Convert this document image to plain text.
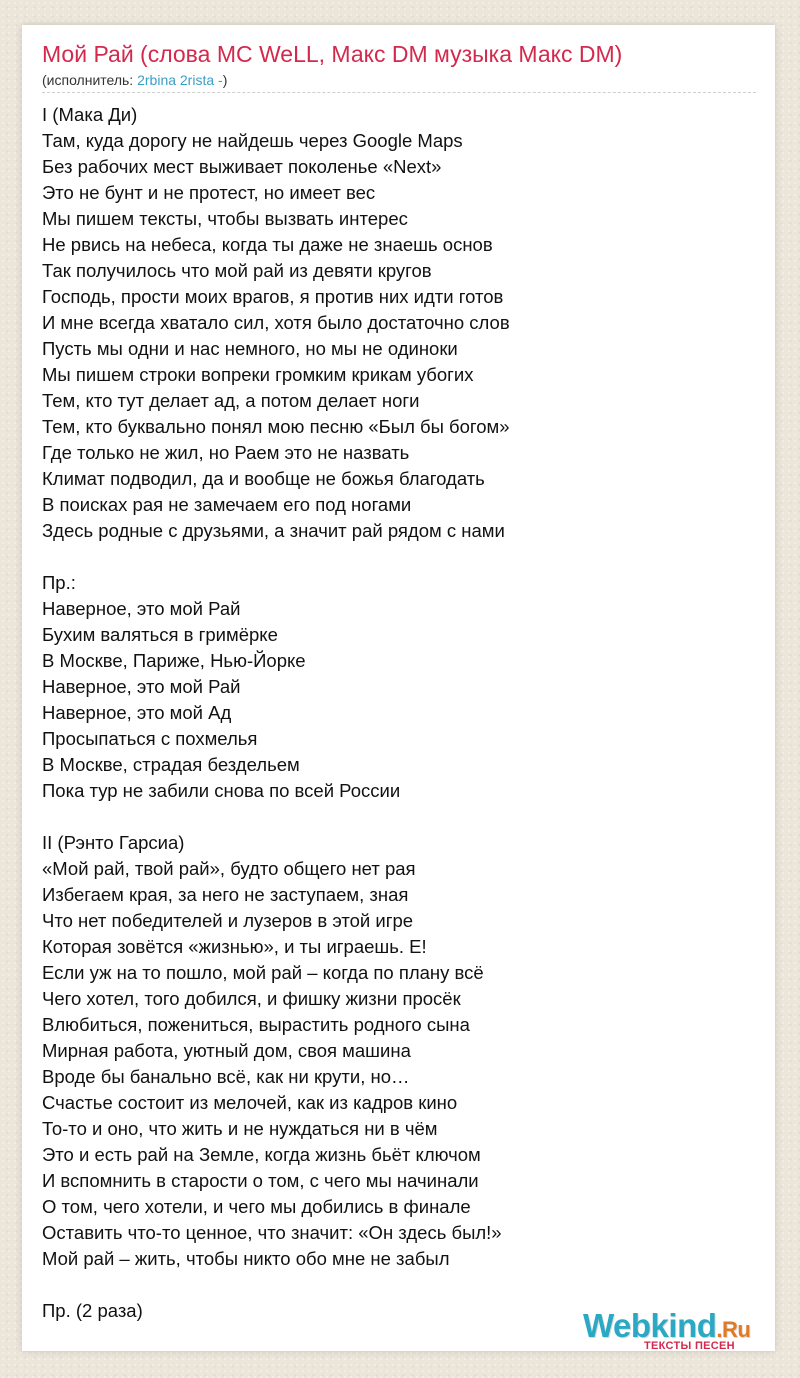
Мой Рай (слова MC WeLL, Макс DM музыка Макс DM)
(исполнитель: 2rbina 2rista -)
I (Мака Ди)
Там, куда дорогу не найдешь через Google Maps
Без рабочих мест выживает поколенье «Next»
Это не бунт и не протест, но имеет вес
Мы пишем тексты, чтобы вызвать интерес
Не рвись на небеса, когда ты даже не знаешь основ
Так получилось что мой рай из девяти кругов
Господь, прости моих врагов, я против них идти готов
И мне всегда хватало сил, хотя было достаточно слов
Пусть мы одни и нас немного, но мы не одиноки
Мы пишем строки вопреки громким крикам убогих
Тем, кто тут делает ад, а потом делает ноги
Тем, кто буквально понял мою песню «Был бы богом»
Где только не жил, но Раем это не назвать
Климат подводил, да и вообще не божья благодать
В поисках рая не замечаем его под ногами
Здесь родные с друзьями, а значит рай рядом с нами
Пр.:
Наверное, это мой Рай
Бухим валяться в гримёрке
В Москве, Париже, Нью-Йорке
Наверное, это мой Рай
Наверное, это мой Ад
Просыпаться с похмелья
В Москве, страдая бездельем
Пока тур не забили снова по всей России
II (Рэнто Гарсиа)
«Мой рай, твой рай», будто общего нет рая
Избегаем края, за него не заступаем, зная
Что нет победителей и лузеров в этой игре
Которая зовётся «жизнью», и ты играешь. Е!
Если уж на то пошло, мой рай – когда по плану всё
Чего хотел, того добился, и фишку жизни просёк
Влюбиться, пожениться, вырастить родного сына
Мирная работа, уютный дом, своя машина
Вроде бы банально всё, как ни крути, но…
Счастье состоит из мелочей, как из кадров кино
То-то и оно, что жить и не нуждаться ни в чём
Это и есть рай на Земле, когда жизнь бьёт ключом
И вспомнить в старости о том, с чего мы начинали
О том, чего хотели, и чего мы добились в финале
Оставить что-то ценное, что значит: «Он здесь был!»
Мой рай – жить, чтобы никто обо мне не забыл
Пр. (2 раза)	Webkind.Ru
ТЕКСТЫ ПЕСЕН
